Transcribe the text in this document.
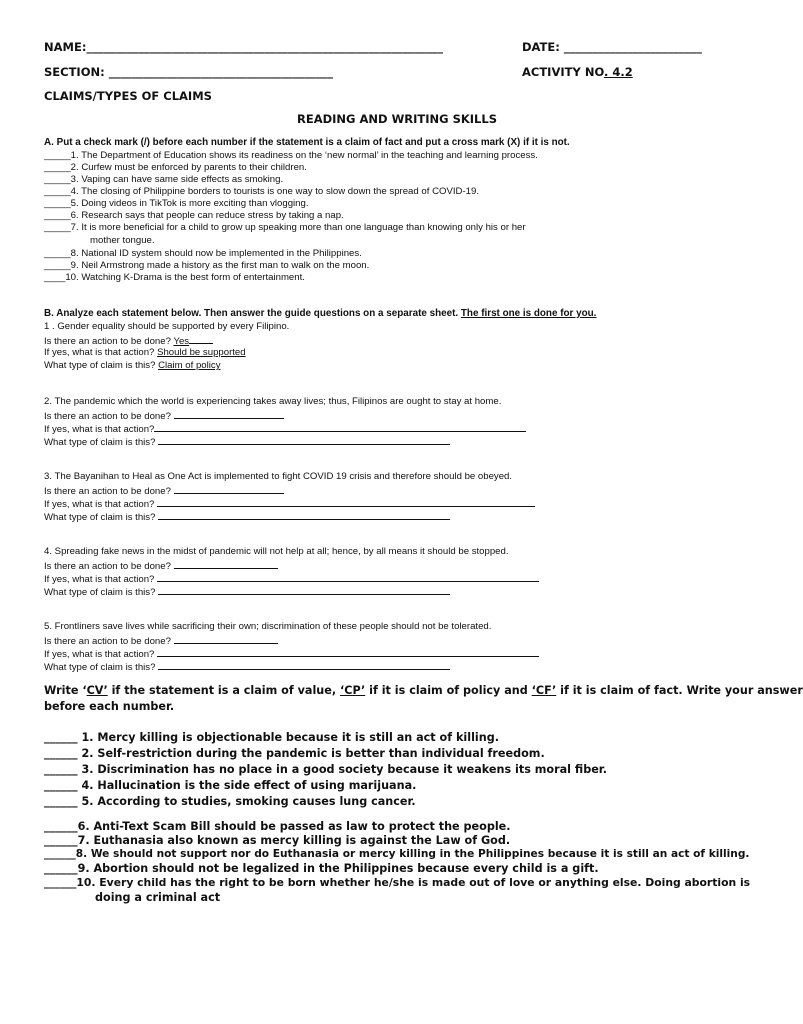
NAME:______________________________________________________________	DATE: ________________________
SECTION: _______________________________________	ACTIVITY NO. 4.2
CLAIMS/TYPES OF CLAIMS
READING AND WRITING SKILLS
A. Put a check mark (/) before each number if the statement is a claim of fact and put a cross mark (X) if it is not.
_____1. The Department of Education shows its readiness on the ‘new normal’ in the teaching and learning process.
_____2. Curfew must be enforced by parents to their children.
_____3. Vaping can have same side effects as smoking.
_____4. The closing of Philippine borders to tourists is one way to slow down the spread of COVID-19.
_____5. Doing videos in TikTok is more exciting than vlogging.
_____6. Research says that people can reduce stress by taking a nap.
_____7. It is more beneficial for a child to grow up speaking more than one language than knowing only his or her
mother tongue.
_____8. National ID system should now be implemented in the Philippines.
_____9. Neil Armstrong made a history as the first man to walk on the moon.
____10. Watching K-Drama is the best form of entertainment.
B. Analyze each statement below. Then answer the guide questions on a separate sheet. The first one is done for you.
1 . Gender equality should be supported by every Filipino.
Is there an action to be done? Yes
If yes, what is that action? Should be supported
What type of claim is this? Claim of policy
2. The pandemic which the world is experiencing takes away lives; thus, Filipinos are ought to stay at home.
Is there an action to be done?
If yes, what is that action?
What type of claim is this?
3. The Bayanihan to Heal as One Act is implemented to fight COVID 19 crisis and therefore should be obeyed.
Is there an action to be done?
If yes, what is that action?
What type of claim is this?
4. Spreading fake news in the midst of pandemic will not help at all; hence, by all means it should be stopped.
Is there an action to be done?
If yes, what is that action?
What type of claim is this?
5. Frontliners save lives while sacrificing their own; discrimination of these people should not be tolerated.
Is there an action to be done?
If yes, what is that action?
What type of claim is this?
Write ‘CV’ if the statement is a claim of value, ‘CP’ if it is claim of policy and ‘CF’ if it is claim of fact. Write your answer
before each number.
______ 1. Mercy killing is objectionable because it is still an act of killing.
______ 2. Self-restriction during the pandemic is better than individual freedom.
______ 3. Discrimination has no place in a good society because it weakens its moral fiber.
______ 4. Hallucination is the side effect of using marijuana.
______ 5. According to studies, smoking causes lung cancer.
______6. Anti-Text Scam Bill should be passed as law to protect the people.
______7. Euthanasia also known as mercy killing is against the Law of God.
______8. We should not support nor do Euthanasia or mercy killing in the Philippines because it is still an act of killing.
______9. Abortion should not be legalized in the Philippines because every child is a gift.
______10. Every child has the right to be born whether he/she is made out of love or anything else. Doing abortion is
doing a criminal act
